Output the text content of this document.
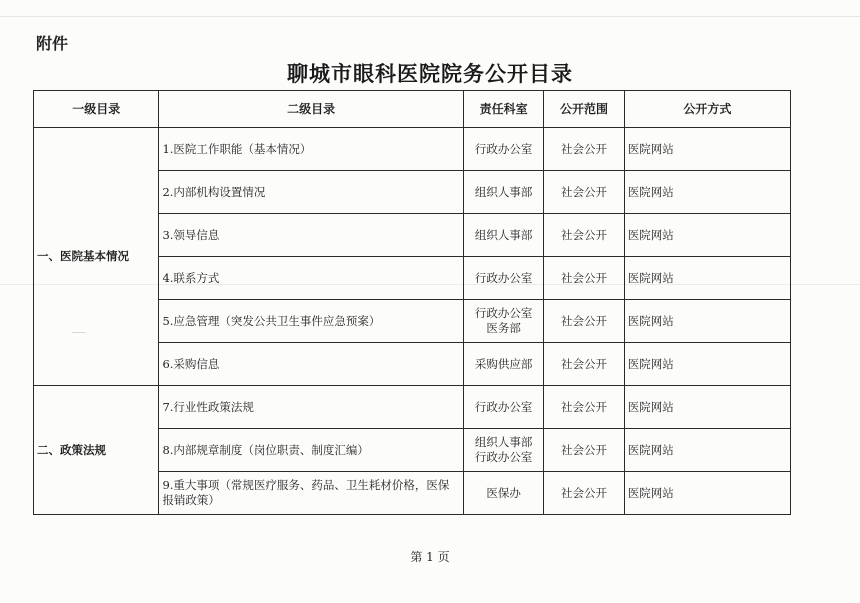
附件
聊城市眼科医院院务公开目录
一级目录	二级目录	责任科室	公开范围	公开方式
一、医院基本情况	1.医院工作职能（基本情况）	行政办公室	社会公开	医院网站
	2.内部机构设置情况	组织人事部	社会公开	医院网站
	3.领导信息	组织人事部	社会公开	医院网站
	4.联系方式	行政办公室	社会公开	医院网站
	5.应急管理（突发公共卫生事件应急预案）	行政办公室
医务部	社会公开	医院网站
	6.采购信息	采购供应部	社会公开	医院网站
二、政策法规	7.行业性政策法规	行政办公室	社会公开	医院网站
	8.内部规章制度（岗位职责、制度汇编）	组织人事部
行政办公室	社会公开	医院网站
	9.重大事项（常规医疗服务、药品、卫生耗材价格，医保报销政策）	医保办	社会公开	医院网站
第 1 页
